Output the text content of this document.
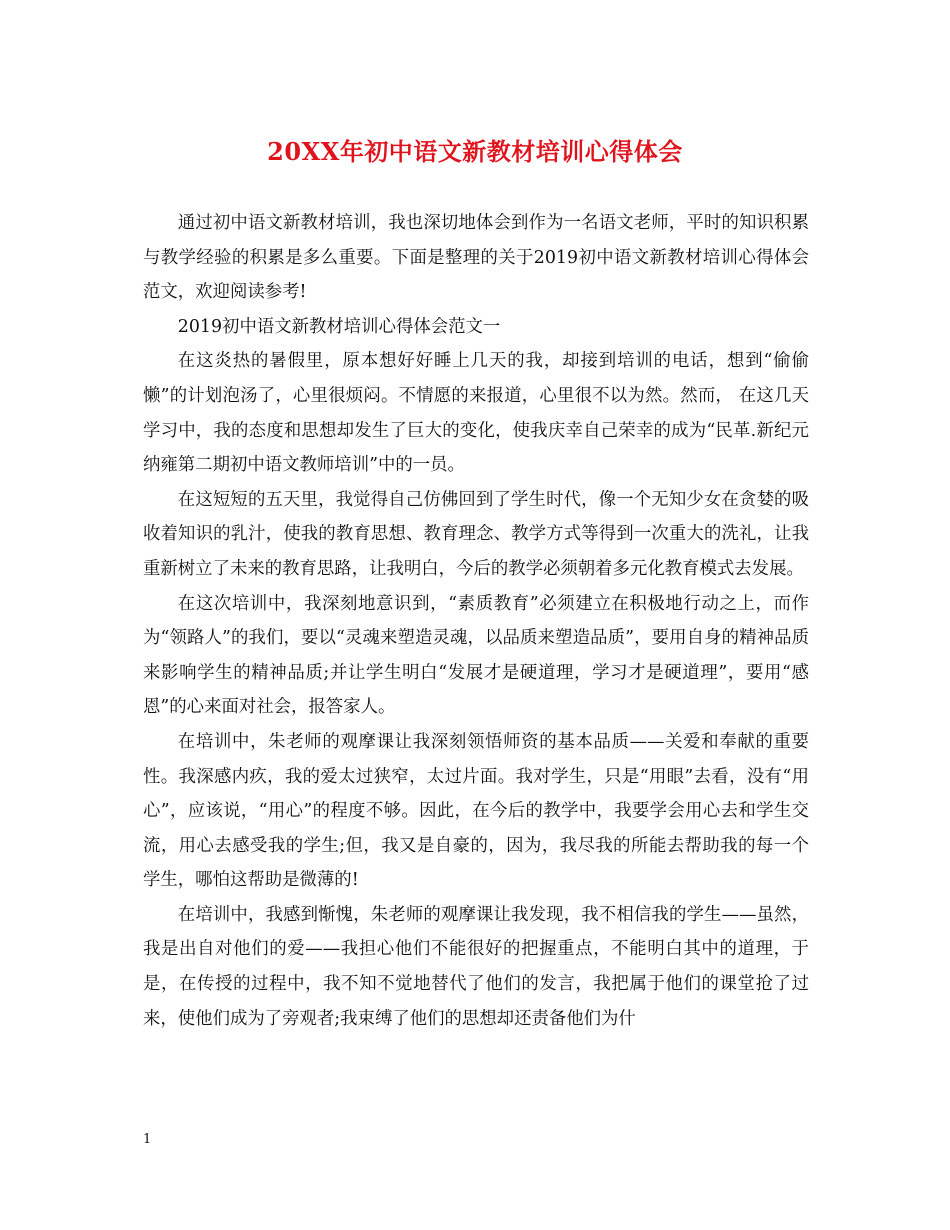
20XX年初中语文新教材培训心得体会

通过初中语文新教材培训，我也深切地体会到作为一名语文老师，平时的知识积累与教学经验的积累是多么重要。下面是整理的关于2019初中语文新教材培训心得体会范文，欢迎阅读参考!

2019初中语文新教材培训心得体会范文一

在这炎热的暑假里，原本想好好睡上几天的我，却接到培训的电话，想到“偷偷懒”的计划泡汤了，心里很烦闷。不情愿的来报道，心里很不以为然。然而， 在这几天学习中，我的态度和思想却发生了巨大的变化，使我庆幸自己荣幸的成为“民革.新纪元纳雍第二期初中语文教师培训”中的一员。

在这短短的五天里，我觉得自己仿佛回到了学生时代，像一个无知少女在贪婪的吸收着知识的乳汁，使我的教育思想、教育理念、教学方式等得到一次重大的洗礼，让我重新树立了未来的教育思路，让我明白，今后的教学必须朝着多元化教育模式去发展。

在这次培训中，我深刻地意识到，“素质教育”必须建立在积极地行动之上，而作为“领路人”的我们，要以“灵魂来塑造灵魂，以品质来塑造品质”，要用自身的精神品质来影响学生的精神品质;并让学生明白“发展才是硬道理，学习才是硬道理”，要用“感恩”的心来面对社会，报答家人。

在培训中，朱老师的观摩课让我深刻领悟师资的基本品质——关爱和奉献的重要性。我深感内疚，我的爱太过狭窄，太过片面。我对学生，只是“用眼”去看，没有“用心”，应该说，“用心”的程度不够。因此，在今后的教学中，我要学会用心去和学生交流，用心去感受我的学生;但，我又是自豪的，因为，我尽我的所能去帮助我的每一个学生，哪怕这帮助是微薄的!

在培训中，我感到惭愧，朱老师的观摩课让我发现，我不相信我的学生——虽然，我是出自对他们的爱——我担心他们不能很好的把握重点，不能明白其中的道理，于是，在传授的过程中，我不知不觉地替代了他们的发言，我把属于他们的课堂抢了过来，使他们成为了旁观者;我束缚了他们的思想却还责备他们为什

1
